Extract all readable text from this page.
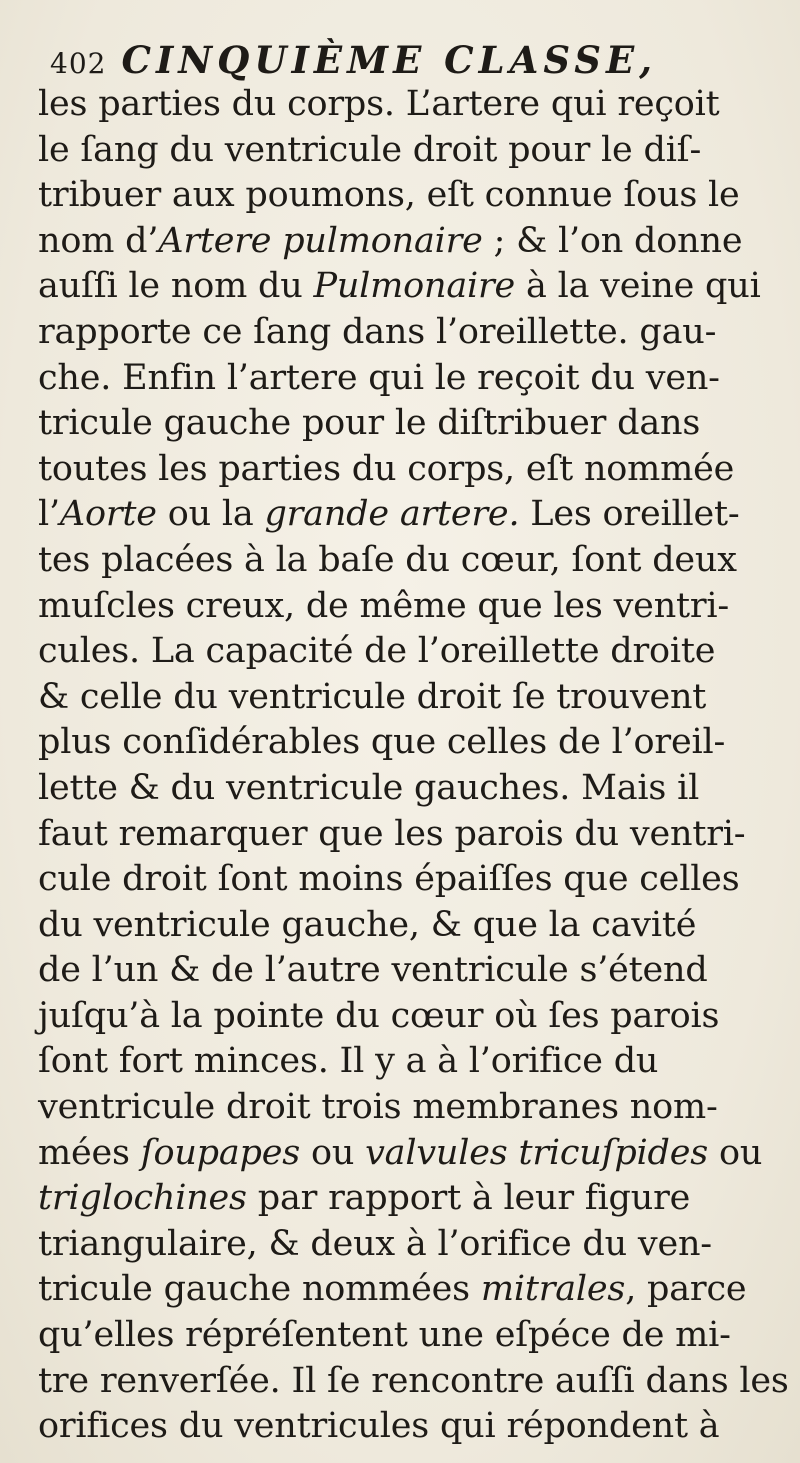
402 CINQUIÈME CLASSE,
les parties du corps. L’artere qui reçoit
le ſang du ventricule droit pour le diſ-
tribuer aux poumons, eſt connue ſous le
nom d’Artere pulmonaire ; & l’on donne
auſſi le nom du Pulmonaire à la veine qui
rapporte ce ſang dans l’oreillette. gau-
che. Enfin l’artere qui le reçoit du ven-
tricule gauche pour le diſtribuer dans
toutes les parties du corps, eſt nommée
l’Aorte ou la grande artere. Les oreillet-
tes placées à la baſe du cœur, ſont deux
muſcles creux, de même que les ventri-
cules. La capacité de l’oreillette droite
& celle du ventricule droit ſe trouvent
plus conſidérables que celles de l’oreil-
lette & du ventricule gauches. Mais il
faut remarquer que les parois du ventri-
cule droit ſont moins épaiſſes que celles
du ventricule gauche, & que la cavité
de l’un & de l’autre ventricule s’étend
juſqu’à la pointe du cœur où ſes parois
ſont fort minces. Il y a à l’orifice du
ventricule droit trois membranes nom-
mées ſoupapes ou valvules tricuſpides ou
triglochines par rapport à leur figure
triangulaire, & deux à l’orifice du ven-
tricule gauche nommées mitrales, parce
qu’elles répréſentent une eſpéce de mi-
tre renverſée. Il ſe rencontre auſſi dans les
orifices du ventricules qui répondent à
